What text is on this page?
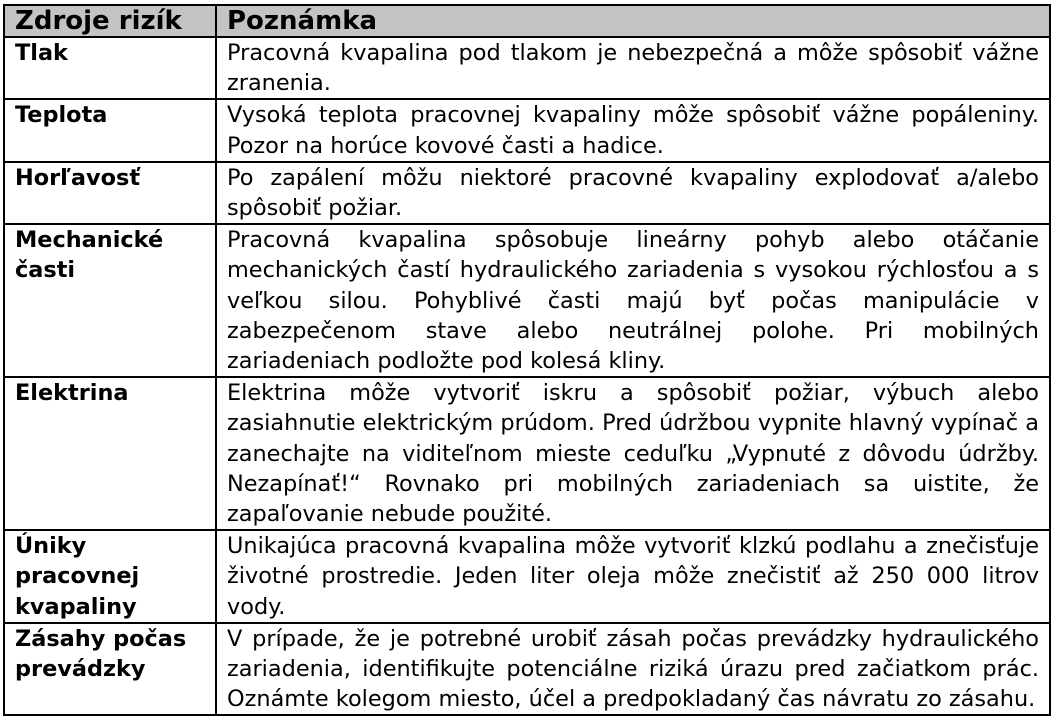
Zdroje rizík	Poznámka
Tlak	Pracovná kvapalina pod tlakom je nebezpečná a môže spôsobiť vážne zranenia.
Teplota	Vysoká teplota pracovnej kvapaliny môže spôsobiť vážne popáleniny. Pozor na horúce kovové časti a hadice.
Horľavosť	Po zapálení môžu niektoré pracovné kvapaliny explodovať a/alebo spôsobiť požiar.
Mechanické časti	Pracovná kvapalina spôsobuje lineárny pohyb alebo otáčanie mechanických častí hydraulického zariadenia s vysokou rýchlosťou a s veľkou silou. Pohyblivé časti majú byť počas manipulácie v zabezpečenom stave alebo neutrálnej polohe. Pri mobilných zariadeniach podložte pod kolesá kliny.
Elektrina	Elektrina môže vytvoriť iskru a spôsobiť požiar, výbuch alebo zasiahnutie elektrickým prúdom. Pred údržbou vypnite hlavný vypínač a zanechajte na viditeľnom mieste ceduľku „Vypnuté z dôvodu údržby. Nezapínať!“ Rovnako pri mobilných zariadeniach sa uistite, že zapaľovanie nebude použité.
Úniky pracovnej kvapaliny	Unikajúca pracovná kvapalina môže vytvoriť klzkú podlahu a znečisťuje životné prostredie. Jeden liter oleja môže znečistiť až 250 000 litrov vody.
Zásahy počas prevádzky	V prípade, že je potrebné urobiť zásah počas prevádzky hydraulického zariadenia, identifikujte potenciálne riziká úrazu pred začiatkom prác. Oznámte kolegom miesto, účel a predpokladaný čas návratu zo zásahu.
